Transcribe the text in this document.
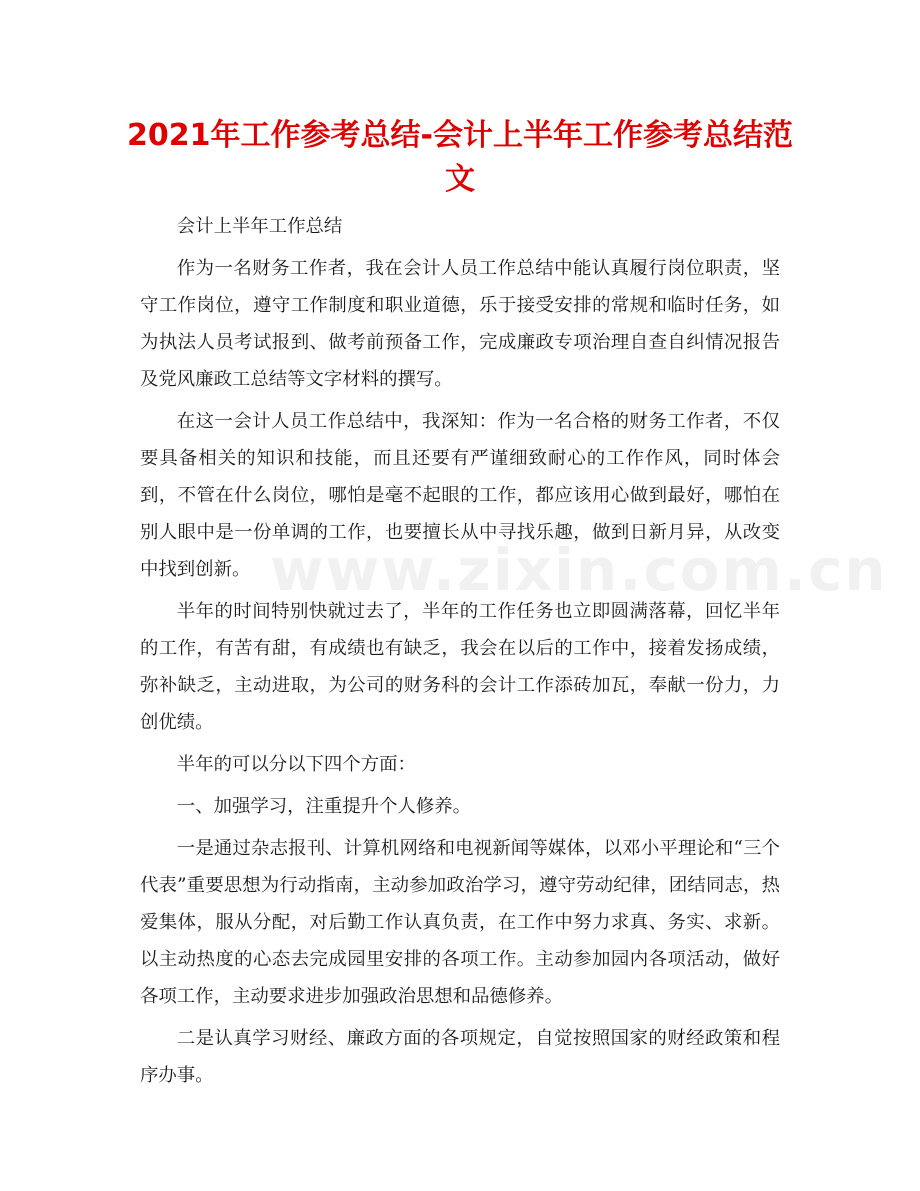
2021年工作参考总结-会计上半年工作参考总结范文
www.zixin.com.cn

会计上半年工作总结

作为一名财务工作者，我在会计人员工作总结中能认真履行岗位职责，坚守工作岗位，遵守工作制度和职业道德，乐于接受安排的常规和临时任务，如为执法人员考试报到、做考前预备工作，完成廉政专项治理自查自纠情况报告及党风廉政工总结等文字材料的撰写。

在这一会计人员工作总结中，我深知：作为一名合格的财务工作者，不仅要具备相关的知识和技能，而且还要有严谨细致耐心的工作作风，同时体会到，不管在什么岗位，哪怕是毫不起眼的工作，都应该用心做到最好，哪怕在别人眼中是一份单调的工作，也要擅长从中寻找乐趣，做到日新月异，从改变中找到创新。

半年的时间特别快就过去了，半年的工作任务也立即圆满落幕，回忆半年的工作，有苦有甜，有成绩也有缺乏，我会在以后的工作中，接着发扬成绩，弥补缺乏，主动进取，为公司的财务科的会计工作添砖加瓦，奉献一份力，力创优绩。

半年的可以分以下四个方面：

一、加强学习，注重提升个人修养。

一是通过杂志报刊、计算机网络和电视新闻等媒体，以邓小平理论和“三个代表”重要思想为行动指南，主动参加政治学习，遵守劳动纪律，团结同志，热爱集体，服从分配，对后勤工作认真负责，在工作中努力求真、务实、求新。以主动热度的心态去完成园里安排的各项工作。主动参加园内各项活动，做好各项工作，主动要求进步加强政治思想和品德修养。

二是认真学习财经、廉政方面的各项规定，自觉按照国家的财经政策和程序办事。
